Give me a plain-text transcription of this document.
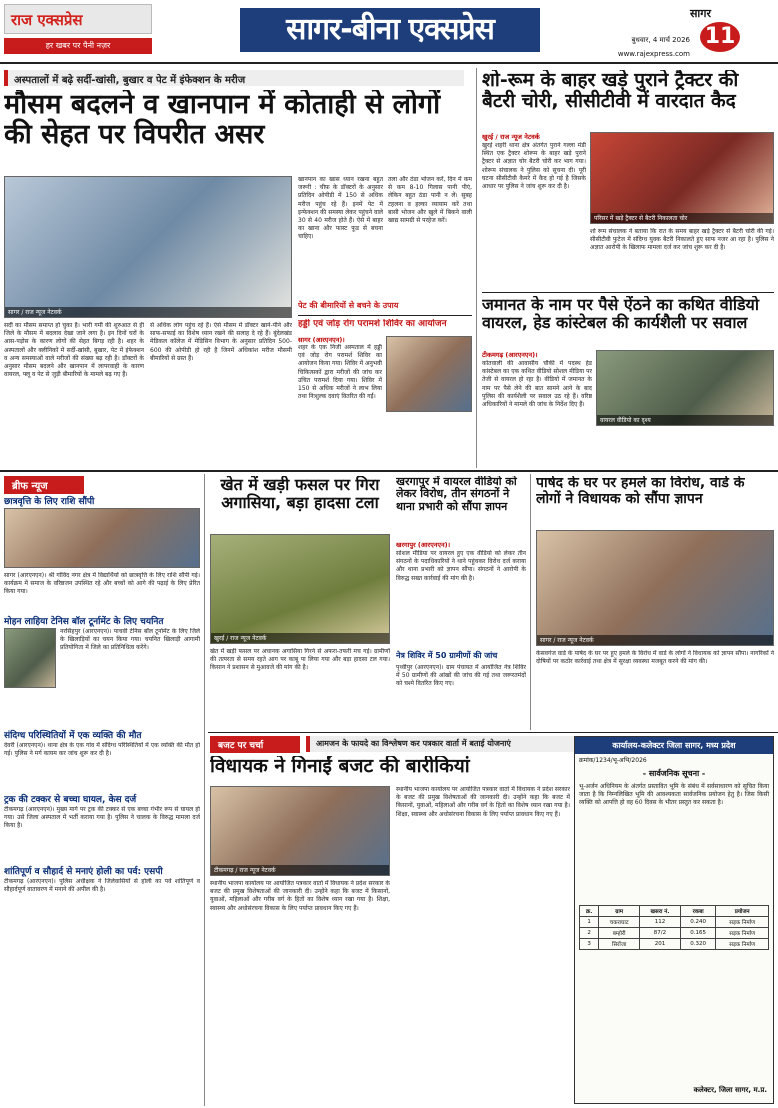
राज एक्सप्रेस
हर खबर पर पैनी नज़र	सागर-बीना एक्सप्रेस	बुधवार, 4 मार्च 2026
www.rajexpress.com
सागर
11
अस्पतालों में बढ़े सर्दी-खांसी, बुखार व पेट में इंफेक्शन के मरीज
मौसम बदलने व खानपान में कोताही से लोगों की सेहत पर विपरीत असर
सागर / राज न्यूज नेटवर्क
सर्दी का मौसम समाप्त हो चुका है। भारी गर्मी की शुरुआत से ही जिले के मौसम में बदलाव देखा जाने लगा है। इन दिनों घरों के आस-पड़ोस के कारण लोगों की सेहत बिगड़ रही है। शहर के अस्पतालों और क्लीनिकों में सर्दी-खांसी, बुखार, पेट में इंफेक्शन व अन्य समस्याओं वाले मरीजों की संख्या बढ़ रही है। डॉक्टरों के अनुसार मौसम बदलने और खानपान में लापरवाही के कारण वायरल, फ्लू व पेट से जुड़ी बीमारियों के मामले बढ़ गए हैं।
से अधिक लोग पहुंच रहे हैं। ऐसे मौसम में डॉक्टर खाने-पीने और साफ-सफाई का विशेष ध्यान रखने की सलाह दे रहे हैं। बुंदेलखंड मेडिकल कॉलेज में मेडिसिन विभाग के अनुसार प्रतिदिन 500-600 की ओपीडी हो रही है जिनमें अधिकांश मरीज मौसमी बीमारियों से ग्रस्त हैं।
खानपान का खास ध्यान रखना बहुत जरूरी : चीफ़ के डॉक्टरों के अनुसार प्रतिदिन ओपीडी में 150 से अधिक मरीज पहुंच रहे हैं। इनमें पेट में इन्फेक्शन की समस्या लेकर पहुंचने वाले 30 से 40 मरीज होते हैं। ऐसे में बाहर का खाना और फास्ट फूड से बचना चाहिए।
तला और ठंडा भोजन करें, दिन में कम से कम 8-10 गिलास पानी पीएं, लेकिन बहुत ठंडा पानी न लें। सुबह टहलना व हल्का व्यायाम करें तथा बासी भोजन और खुले में बिकने वाली खाद्य सामग्री से परहेज करें।
पेट की बीमारियों से बचने के उपाय
हड्डी एवं जोड़ रोग परामर्श शिविर का आयोजन
सागर (आरएनएन)।
शहर के एक निजी अस्पताल में हड्डी एवं जोड़ रोग परामर्श शिविर का आयोजन किया गया। शिविर में अनुभवी चिकित्सकों द्वारा मरीजों की जांच कर उचित परामर्श दिया गया। शिविर में 150 से अधिक मरीजों ने लाभ लिया तथा निःशुल्क दवाएं वितरित की गईं।
शो-रूम के बाहर खड़े पुराने ट्रैक्टर की बैटरी चोरी, सीसीटीवी में वारदात कैद
खुरई / राज न्यूज नेटवर्क
खुरई शहरी थाना क्षेत्र अंतर्गत पुराने गल्ला मंडी स्थित एक ट्रैक्टर शोरूम के बाहर खड़े पुराने ट्रैक्टर से अज्ञात चोर बैटरी चोरी कर भाग गया। शोरूम संचालक ने पुलिस को सूचना दी। पूरी घटना सीसीटीवी कैमरे में कैद हो गई है जिसके आधार पर पुलिस ने जांच शुरू कर दी है।
परिसर में खड़े ट्रैक्टर से बैटरी निकालता चोर
शो रूम संचालक ने बताया कि रात के समय बाहर खड़े ट्रैक्टर से बैटरी चोरी की गई। सीसीटीवी फुटेज में संदिग्ध युवक बैटरी निकालते हुए साफ नजर आ रहा है। पुलिस ने अज्ञात आरोपी के खिलाफ मामला दर्ज कर जांच शुरू कर दी है।
जमानत के नाम पर पैसे ऐंठने का कथित वीडियो वायरल, हेड कांस्टेबल की कार्यशैली पर सवाल
टीकमगढ़ (आरएनएन)।
कोतवाली की आवासीय चौकी में पदस्थ हेड कांस्टेबल का एक कथित वीडियो सोशल मीडिया पर तेजी से वायरल हो रहा है। वीडियो में जमानत के नाम पर पैसे लेने की बात सामने आने के बाद पुलिस की कार्यशैली पर सवाल उठ रहे हैं। वरिष्ठ अधिकारियों ने मामले की जांच के निर्देश दिए हैं।
वायरल वीडियो का दृश्य
ब्रीफ न्यूज
छात्रवृत्ति के लिए राशि सौंपी
सागर (आरएनएन)। श्री गोविंद नगर क्षेत्र में विद्यार्थियों को छात्रवृत्ति के लिए राशि सौंपी गई। कार्यक्रम में समाज के वरिष्ठजन उपस्थित रहे और बच्चों को आगे की पढ़ाई के लिए प्रेरित किया गया।
मोहन लाहिया टेनिस बॉल टूर्नामेंट के लिए चयनित
नरसिंहपुर (आरएनएन)। पाचवी टेनिस बॉल टूर्नामेंट के लिए जिले के खिलाड़ियों का चयन किया गया। चयनित खिलाड़ी आगामी प्रतियोगिता में जिले का प्रतिनिधित्व करेंगे।
संदिग्ध परिस्थितियों में एक व्यक्ति की मौत
देवरी (आरएनएन)। थाना क्षेत्र के एक गांव में संदिग्ध परिस्थितियों में एक व्यक्ति की मौत हो गई। पुलिस ने मर्ग कायम कर जांच शुरू कर दी है।
ट्रक की टक्कर से बच्चा घायल, केस दर्ज
टीकमगढ़ (आरएनएन)। मुख्य मार्ग पर ट्रक की टक्कर से एक बच्चा गंभीर रूप से घायल हो गया। उसे जिला अस्पताल में भर्ती कराया गया है। पुलिस ने चालक के विरुद्ध मामला दर्ज किया है।
शांतिपूर्ण व सौहार्द से मनाएं होली का पर्व: एसपी
टीकमगढ़ (आरएनएन)। पुलिस अधीक्षक ने जिलेवासियों से होली का पर्व शांतिपूर्ण व सौहार्दपूर्ण वातावरण में मनाने की अपील की है।
खेत में खड़ी फसल पर गिरा अगासिया, बड़ा हादसा टला
खुरई / राज न्यूज नेटवर्क
खेत में खड़ी फसल पर अचानक अगासिया गिरने से अफरा-तफरी मच गई। ग्रामीणों की तत्परता से समय रहते आग पर काबू पा लिया गया और बड़ा हादसा टल गया। किसान ने प्रशासन से मुआवजे की मांग की है।
खरगापुर में वायरल वीडियो को लेकर विरोध, तीन संगठनों ने थाना प्रभारी को सौंपा ज्ञापन
खरगापुर (आरएनएन)।
सोशल मीडिया पर वायरल हुए एक वीडियो को लेकर तीन संगठनों के पदाधिकारियों ने थाने पहुंचकर विरोध दर्ज कराया और थाना प्रभारी को ज्ञापन सौंपा। संगठनों ने आरोपी के विरुद्ध सख्त कार्रवाई की मांग की है।
नेत्र शिविर में 50 ग्रामीणों की जांच
पृथ्वीपुर (आरएनएन)। ग्राम पंचायत में आयोजित नेत्र शिविर में 50 ग्रामीणों की आंखों की जांच की गई तथा जरूरतमंदों को चश्मे वितरित किए गए।
पार्षद के घर पर हमले का विरोध, वार्ड के लोगों ने विधायक को सौंपा ज्ञापन
सागर / राज न्यूज नेटवर्क
केसवगंज वार्ड के पार्षद के घर पर हुए हमले के विरोध में वार्ड के लोगों ने विधायक को ज्ञापन सौंपा। नागरिकों ने दोषियों पर कठोर कार्रवाई तथा क्षेत्र में सुरक्षा व्यवस्था मजबूत करने की मांग की।
बजट पर चर्चा	आमजन के फायदे का विश्लेषण कर पत्रकार वार्ता में बताई योजनाएं
विधायक ने गिनाईं बजट की बारीकियां
टीकमगढ़ / राज न्यूज नेटवर्क
स्थानीय भाजपा कार्यालय पर आयोजित पत्रकार वार्ता में विधायक ने प्रदेश सरकार के बजट की प्रमुख विशेषताओं की जानकारी दी। उन्होंने कहा कि बजट में किसानों, युवाओं, महिलाओं और गरीब वर्ग के हितों का विशेष ध्यान रखा गया है। शिक्षा, स्वास्थ्य और अधोसंरचना विकास के लिए पर्याप्त प्रावधान किए गए हैं।
स्थानीय भाजपा कार्यालय पर आयोजित पत्रकार वार्ता में विधायक ने प्रदेश सरकार के बजट की प्रमुख विशेषताओं की जानकारी दी। उन्होंने कहा कि बजट में किसानों, युवाओं, महिलाओं और गरीब वर्ग के हितों का विशेष ध्यान रखा गया है। शिक्षा, स्वास्थ्य और अधोसंरचना विकास के लिए पर्याप्त प्रावधान किए गए हैं।
कार्यालय-कलेक्टर जिला सागर, मध्य प्रदेश
क्रमांक/1234/भू-अभि/2026
- सार्वजनिक सूचना -
भू-अर्जन अधिनियम के अंतर्गत प्रस्तावित भूमि के संबंध में सर्वसाधारण को सूचित किया जाता है कि निम्नलिखित भूमि की आवश्यकता सार्वजनिक प्रयोजन हेतु है। जिस किसी व्यक्ति को आपत्ति हो वह 60 दिवस के भीतर प्रस्तुत कर सकता है।
क्र.	ग्राम	खसरा नं.	रकबा	प्रयोजन
1	चकराघाट	112	0.240	सड़क निर्माण
2	बम्होरी	87/2	0.165	सड़क निर्माण
3	सिरोंजा	201	0.320	सड़क निर्माण
कलेक्टर, जिला सागर, म.प्र.
